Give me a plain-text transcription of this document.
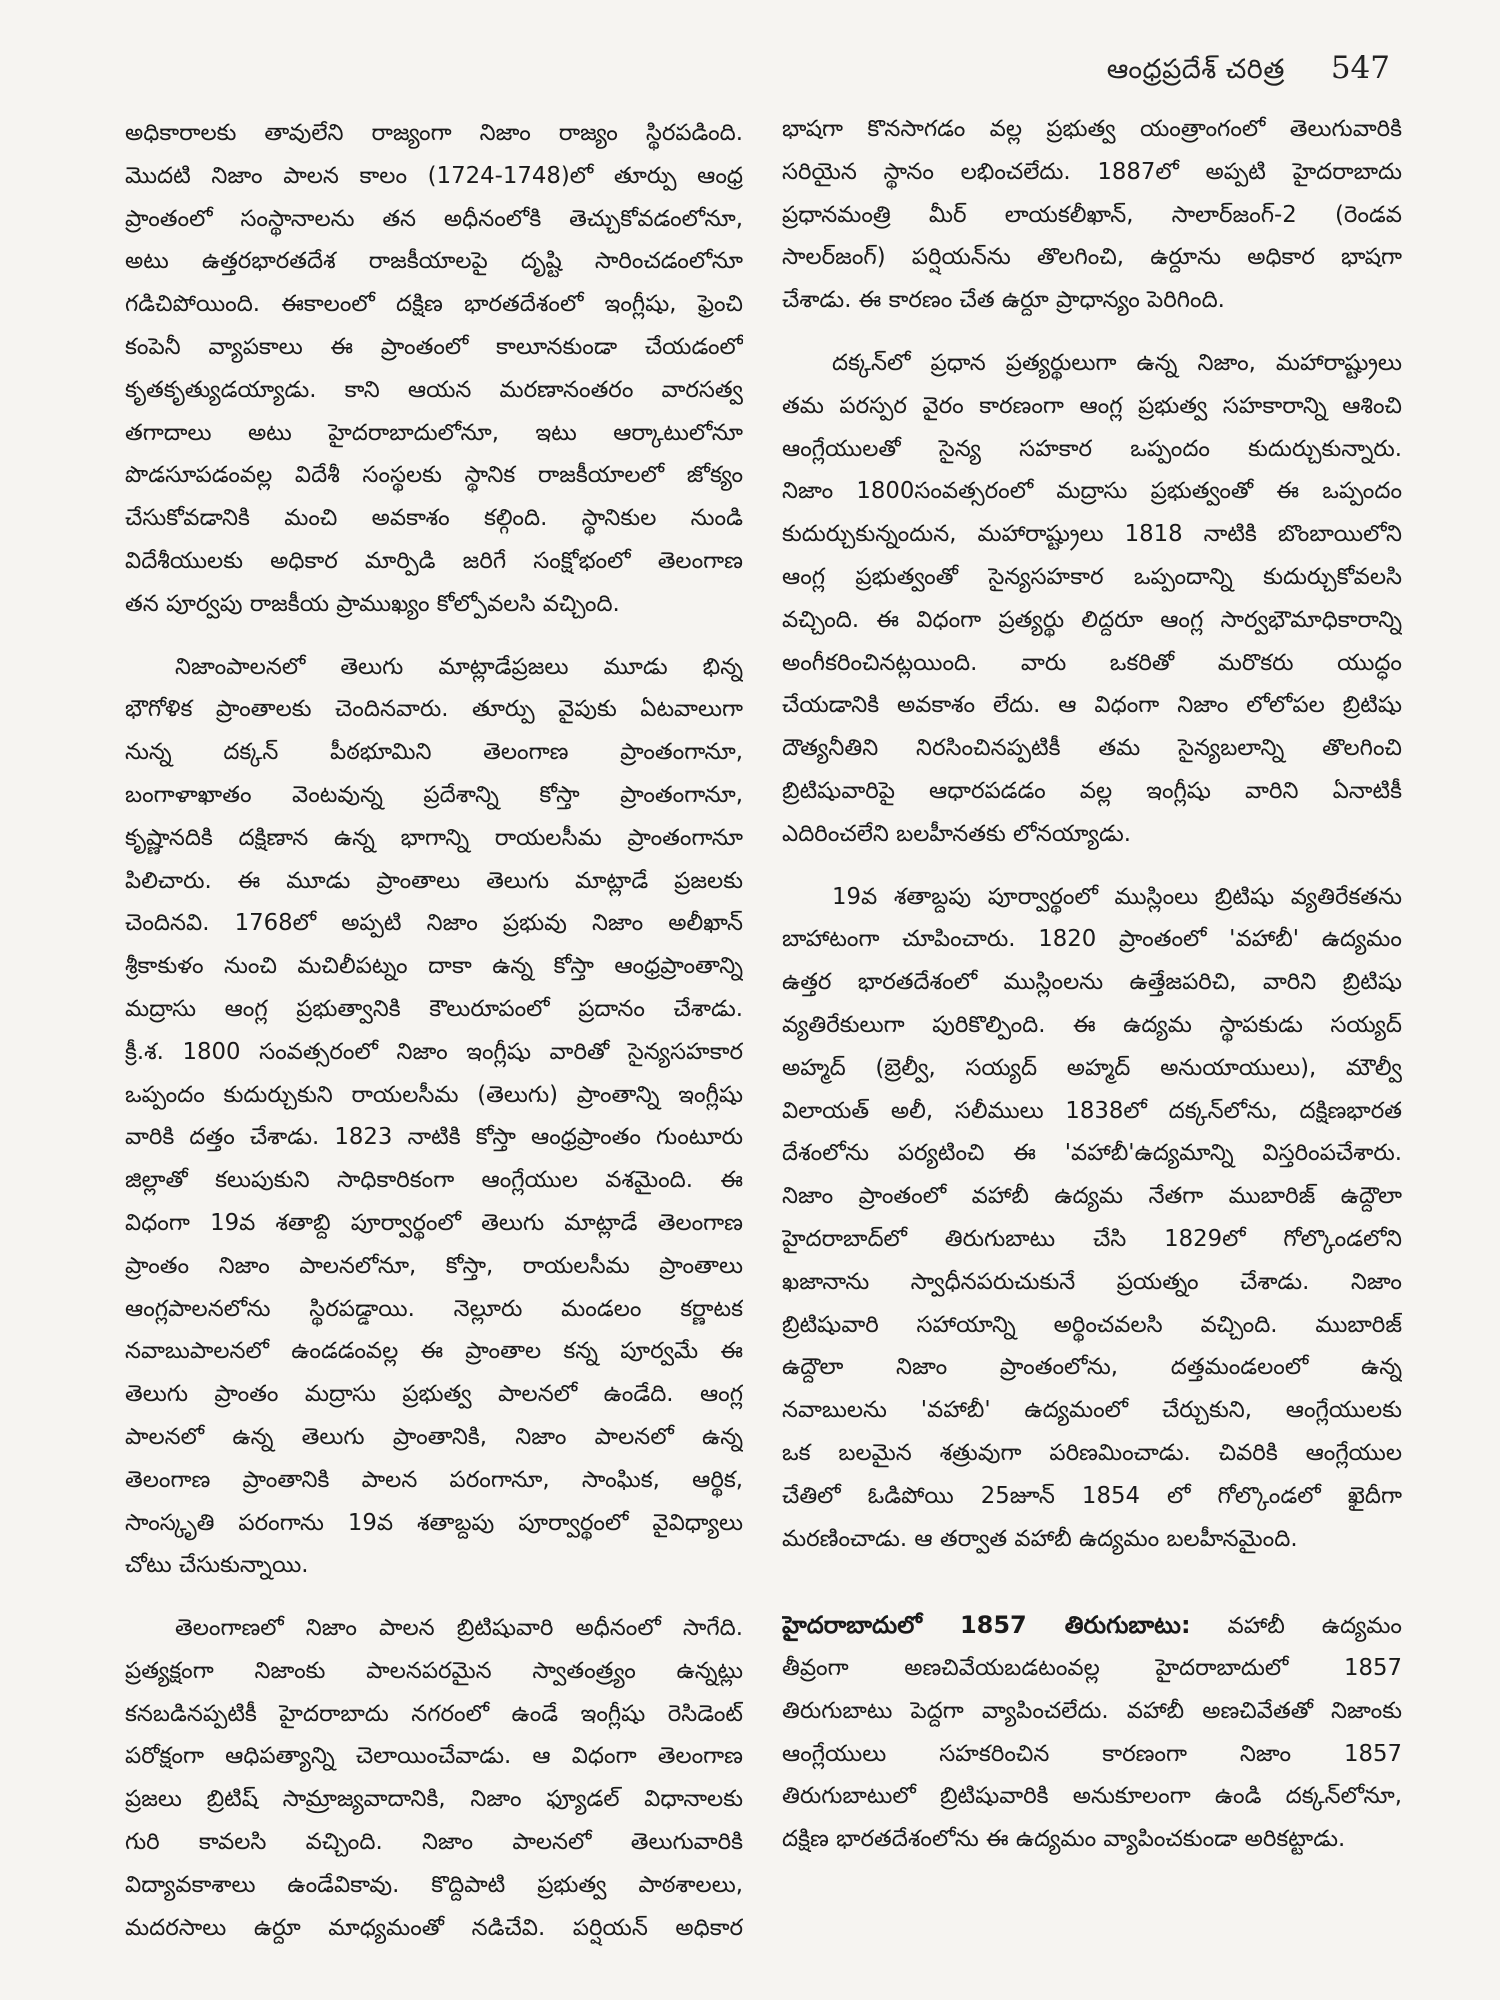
ఆంధ్రప్రదేశ్ చరిత్ర 547
అధికారాలకు తావులేని రాజ్యంగా నిజాం రాజ్యం స్థిరపడింది.
మొదటి నిజాం పాలన కాలం (1724-1748)లో తూర్పు ఆంధ్ర
ప్రాంతంలో సంస్థానాలను తన అధీనంలోకి తెచ్చుకోవడంలోనూ,
అటు ఉత్తరభారతదేశ రాజకీయాలపై దృష్టి సారించడంలోనూ
గడిచిపోయింది. ఈకాలంలో దక్షిణ భారతదేశంలో ఇంగ్లీషు, ఫ్రెంచి
కంపెనీ వ్యాపకాలు ఈ ప్రాంతంలో కాలూనకుండా చేయడంలో
కృతకృత్యుడయ్యాడు. కాని ఆయన మరణానంతరం వారసత్వ
తగాదాలు అటు హైదరాబాదులోనూ, ఇటు ఆర్కాటులోనూ
పొడసూపడంవల్ల విదేశీ సంస్థలకు స్థానిక రాజకీయాలలో జోక్యం
చేసుకోవడానికి మంచి అవకాశం కల్గింది. స్థానికుల నుండి
విదేశీయులకు అధికార మార్పిడి జరిగే సంక్షోభంలో తెలంగాణ
తన పూర్వపు రాజకీయ ప్రాముఖ్యం కోల్పోవలసి వచ్చింది.
నిజాంపాలనలో తెలుగు మాట్లాడేప్రజలు మూడు భిన్న
భౌగోళిక ప్రాంతాలకు చెందినవారు. తూర్పు వైపుకు ఏటవాలుగా
నున్న దక్కన్ పీఠభూమిని తెలంగాణ ప్రాంతంగానూ,
బంగాళాఖాతం వెంటవున్న ప్రదేశాన్ని కోస్తా ప్రాంతంగానూ,
కృష్ణానదికి దక్షిణాన ఉన్న భాగాన్ని రాయలసీమ ప్రాంతంగానూ
పిలిచారు. ఈ మూడు ప్రాంతాలు తెలుగు మాట్లాడే ప్రజలకు
చెందినవి. 1768లో అప్పటి నిజాం ప్రభువు నిజాం అలీఖాన్
శ్రీకాకుళం నుంచి మచిలీపట్నం దాకా ఉన్న కోస్తా ఆంధ్రప్రాంతాన్ని
మద్రాసు ఆంగ్ల ప్రభుత్వానికి కౌలురూపంలో ప్రదానం చేశాడు.
క్రీ.శ. 1800 సంవత్సరంలో నిజాం ఇంగ్లీషు వారితో సైన్యసహకార
ఒప్పందం కుదుర్చుకుని రాయలసీమ (తెలుగు) ప్రాంతాన్ని ఇంగ్లీషు
వారికి దత్తం చేశాడు. 1823 నాటికి కోస్తా ఆంధ్రప్రాంతం గుంటూరు
జిల్లాతో కలుపుకుని సాధికారికంగా ఆంగ్లేయుల వశమైంది. ఈ
విధంగా 19వ శతాబ్ది పూర్వార్థంలో తెలుగు మాట్లాడే తెలంగాణ
ప్రాంతం నిజాం పాలనలోనూ, కోస్తా, రాయలసీమ ప్రాంతాలు
ఆంగ్లపాలనలోను స్థిరపడ్డాయి. నెల్లూరు మండలం కర్ణాటక
నవాబుపాలనలో ఉండడంవల్ల ఈ ప్రాంతాల కన్న పూర్వమే ఈ
తెలుగు ప్రాంతం మద్రాసు ప్రభుత్వ పాలనలో ఉండేది. ఆంగ్ల
పాలనలో ఉన్న తెలుగు ప్రాంతానికి, నిజాం పాలనలో ఉన్న
తెలంగాణ ప్రాంతానికి పాలన పరంగానూ, సాంఘిక, ఆర్థిక,
సాంస్కృతి పరంగాను 19వ శతాబ్దపు పూర్వార్థంలో వైవిధ్యాలు
చోటు చేసుకున్నాయి.
తెలంగాణలో నిజాం పాలన బ్రిటిషువారి అధీనంలో సాగేది.
ప్రత్యక్షంగా నిజాంకు పాలనపరమైన స్వాతంత్ర్యం ఉన్నట్లు
కనబడినప్పటికీ హైదరాబాదు నగరంలో ఉండే ఇంగ్లీషు రెసిడెంట్
పరోక్షంగా ఆధిపత్యాన్ని చెలాయించేవాడు. ఆ విధంగా తెలంగాణ
ప్రజలు బ్రిటిష్ సామ్రాజ్యవాదానికి, నిజాం ఫ్యూడల్ విధానాలకు
గురి కావలసి వచ్చింది. నిజాం పాలనలో తెలుగువారికి
విద్యావకాశాలు ఉండేవికావు. కొద్దిపాటి ప్రభుత్వ పాఠశాలలు,
మదరసాలు ఉర్దూ మాధ్యమంతో నడిచేవి. పర్షియన్ అధికార
భాషగా కొనసాగడం వల్ల ప్రభుత్వ యంత్రాంగంలో తెలుగువారికి
సరియైన స్థానం లభించలేదు. 1887లో అప్పటి హైదరాబాదు
ప్రధానమంత్రి మీర్ లాయకలీఖాన్, సాలార్‌జంగ్-2 (రెండవ
సాలర్‌జంగ్) పర్షియన్‌ను తొలగించి, ఉర్దూను అధికార భాషగా
చేశాడు. ఈ కారణం చేత ఉర్దూ ప్రాధాన్యం పెరిగింది.
దక్కన్‌లో ప్రధాన ప్రత్యర్థులుగా ఉన్న నిజాం, మహారాష్ట్రులు
తమ పరస్పర వైరం కారణంగా ఆంగ్ల ప్రభుత్వ సహకారాన్ని ఆశించి
ఆంగ్లేయులతో సైన్య సహకార ఒప్పందం కుదుర్చుకున్నారు.
నిజాం 1800సంవత్సరంలో మద్రాసు ప్రభుత్వంతో ఈ ఒప్పందం
కుదుర్చుకున్నందున, మహారాష్ట్రులు 1818 నాటికి బొంబాయిలోని
ఆంగ్ల ప్రభుత్వంతో సైన్యసహకార ఒప్పందాన్ని కుదుర్చుకోవలసి
వచ్చింది. ఈ విధంగా ప్రత్యర్థు లిద్దరూ ఆంగ్ల సార్వభౌమాధికారాన్ని
అంగీకరించినట్లయింది. వారు ఒకరితో మరొకరు యుద్ధం
చేయడానికి అవకాశం లేదు. ఆ విధంగా నిజాం లోలోపల బ్రిటిషు
దౌత్యనీతిని నిరసించినప్పటికీ తమ సైన్యబలాన్ని తొలగించి
బ్రిటిషువారిపై ఆధారపడడం వల్ల ఇంగ్లీషు వారిని ఏనాటికీ
ఎదిరించలేని బలహీనతకు లోనయ్యాడు.
19వ శతాబ్దపు పూర్వార్థంలో ముస్లింలు బ్రిటిషు వ్యతిరేకతను
బాహాటంగా చూపించారు. 1820 ప్రాంతంలో 'వహాబీ' ఉద్యమం
ఉత్తర భారతదేశంలో ముస్లింలను ఉత్తేజపరిచి, వారిని బ్రిటిషు
వ్యతిరేకులుగా పురికొల్పింది. ఈ ఉద్యమ స్థాపకుడు సయ్యద్
అహ్మద్ (బ్రెల్వీ, సయ్యద్ అహ్మద్ అనుయాయులు), మౌల్వీ
విలాయత్ అలీ, సలీములు 1838లో దక్కన్‌లోను, దక్షిణభారత
దేశంలోను పర్యటించి ఈ 'వహాబీ'ఉద్యమాన్ని విస్తరింపచేశారు.
నిజాం ప్రాంతంలో వహాబీ ఉద్యమ నేతగా ముబారిజ్ ఉద్దౌలా
హైదరాబాద్‌లో తిరుగుబాటు చేసి 1829లో గోల్కొండలోని
ఖజానాను స్వాధీనపరుచుకునే ప్రయత్నం చేశాడు. నిజాం
బ్రిటిషువారి సహాయాన్ని అర్థించవలసి వచ్చింది. ముబారిజ్
ఉద్దౌలా నిజాం ప్రాంతంలోను, దత్తమండలంలో ఉన్న
నవాబులను 'వహాబీ' ఉద్యమంలో చేర్చుకుని, ఆంగ్లేయులకు
ఒక బలమైన శత్రువుగా పరిణమించాడు. చివరికి ఆంగ్లేయుల
చేతిలో ఓడిపోయి 25జూన్ 1854 లో గోల్కొండలో ఖైదీగా
మరణించాడు. ఆ తర్వాత వహాబీ ఉద్యమం బలహీనమైంది.
హైదరాబాదులో 1857 తిరుగుబాటు: వహాబీ ఉద్యమం
తీవ్రంగా అణచివేయబడటంవల్ల హైదరాబాదులో 1857
తిరుగుబాటు పెద్దగా వ్యాపించలేదు. వహాబీ అణచివేతతో నిజాంకు
ఆంగ్లేయులు సహకరించిన కారణంగా నిజాం 1857
తిరుగుబాటులో బ్రిటిషువారికి అనుకూలంగా ఉండి దక్కన్‌లోనూ,
దక్షిణ భారతదేశంలోను ఈ ఉద్యమం వ్యాపించకుండా అరికట్టాడు.
